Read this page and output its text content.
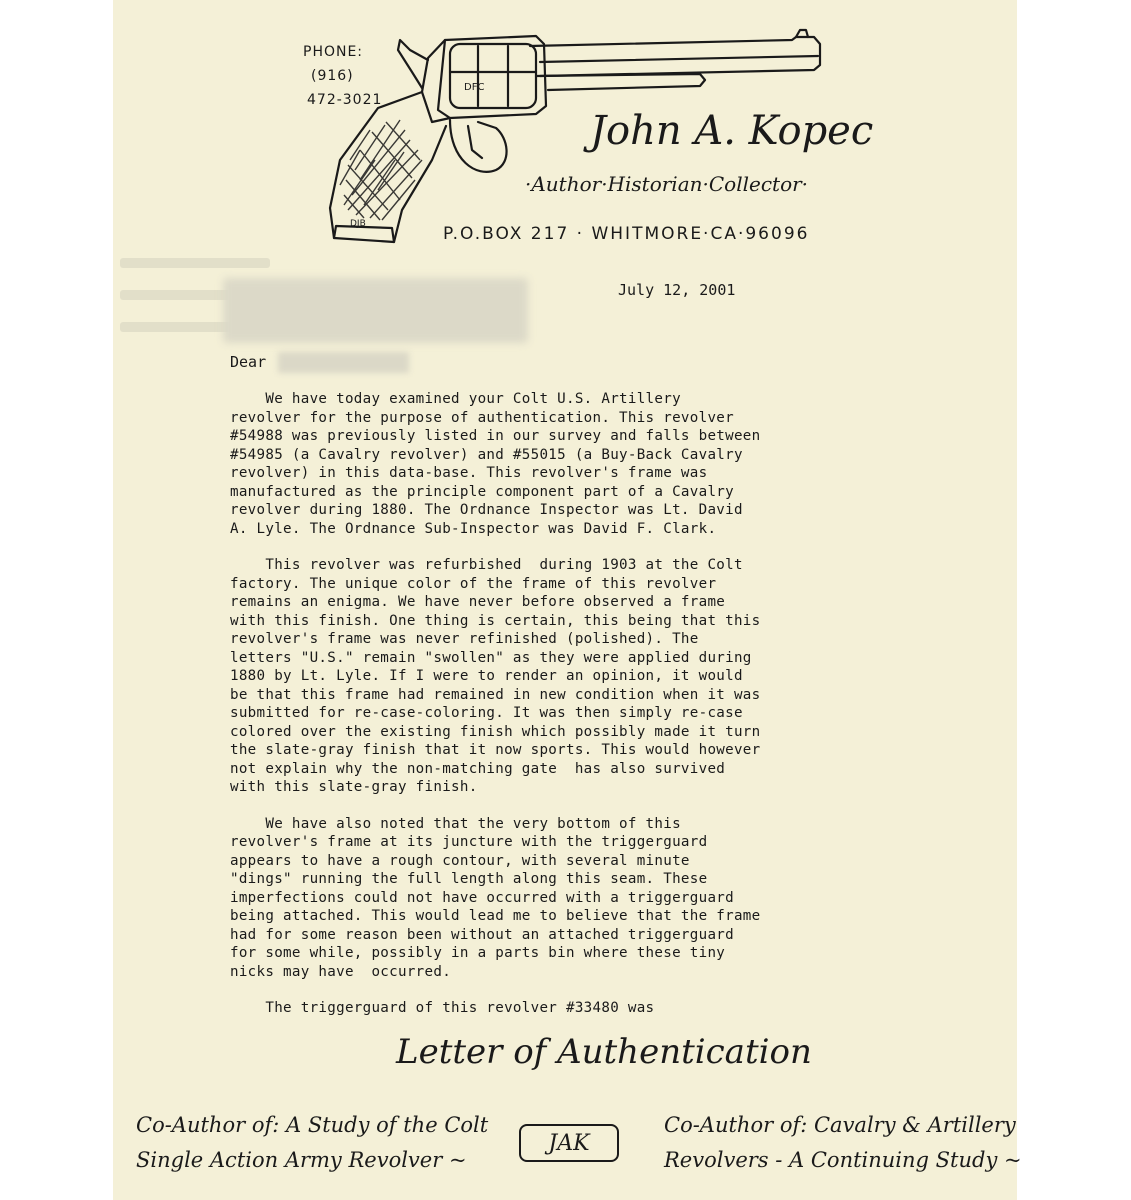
PHONE:
(916)
472-3021
DFC
DJB
John A. Kopec
·Author·Historian·Collector·
P.O.BOX 217 · WHITMORE·CA·96096
July 12, 2001
Dear
We have today examined your Colt U.S. Artillery
revolver for the purpose of authentication. This revolver
#54988 was previously listed in our survey and falls between
#54985 (a Cavalry revolver) and #55015 (a Buy-Back Cavalry
revolver) in this data-base. This revolver's frame was
manufactured as the principle component part of a Cavalry
revolver during 1880. The Ordnance Inspector was Lt. David
A. Lyle. The Ordnance Sub-Inspector was David F. Clark.
This revolver was refurbished  during 1903 at the Colt
factory. The unique color of the frame of this revolver
remains an enigma. We have never before observed a frame
with this finish. One thing is certain, this being that this
revolver's frame was never refinished (polished). The
letters "U.S." remain "swollen" as they were applied during
1880 by Lt. Lyle. If I were to render an opinion, it would
be that this frame had remained in new condition when it was
submitted for re-case-coloring. It was then simply re-case
colored over the existing finish which possibly made it turn
the slate-gray finish that it now sports. This would however
not explain why the non-matching gate  has also survived
with this slate-gray finish.
We have also noted that the very bottom of this
revolver's frame at its juncture with the triggerguard
appears to have a rough contour, with several minute
"dings" running the full length along this seam. These
imperfections could not have occurred with a triggerguard
being attached. This would lead me to believe that the frame
had for some reason been without an attached triggerguard
for some while, possibly in a parts bin where these tiny
nicks may have  occurred.
The triggerguard of this revolver #33480 was
Letter of Authentication
Co-Author of: A Study of the Colt
Single Action Army Revolver ~
JAK
Co-Author of: Cavalry & Artillery
Revolvers - A Continuing Study ~
